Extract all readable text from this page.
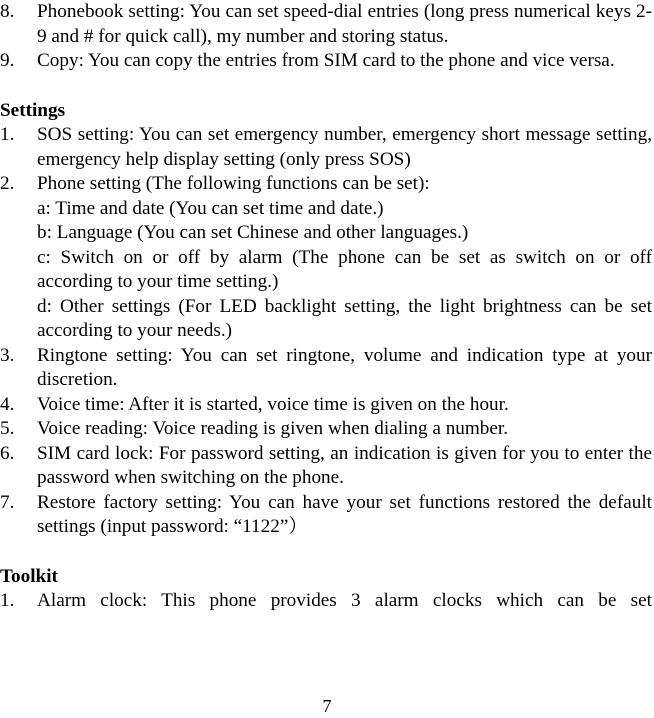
8. Phonebook setting: You can set speed-dial entries (long press numerical keys 2-9 and # for quick call), my number and storing status.
9. Copy: You can copy the entries from SIM card to the phone and vice versa.
Settings
1. SOS setting: You can set emergency number, emergency short message setting, emergency help display setting (only press SOS)
2. Phone setting (The following functions can be set):
a: Time and date (You can set time and date.)
b: Language (You can set Chinese and other languages.)
c: Switch on or off by alarm (The phone can be set as switch on or off according to your time setting.)
d: Other settings (For LED backlight setting, the light brightness can be set according to your needs.)
3. Ringtone setting: You can set ringtone, volume and indication type at your discretion.
4. Voice time: After it is started, voice time is given on the hour.
5. Voice reading: Voice reading is given when dialing a number.
6. SIM card lock: For password setting, an indication is given for you to enter the password when switching on the phone.
7. Restore factory setting: You can have your set functions restored the default settings (input password: “1122”）
Toolkit
1. Alarm clock: This phone provides 3 alarm clocks which can be set
7
